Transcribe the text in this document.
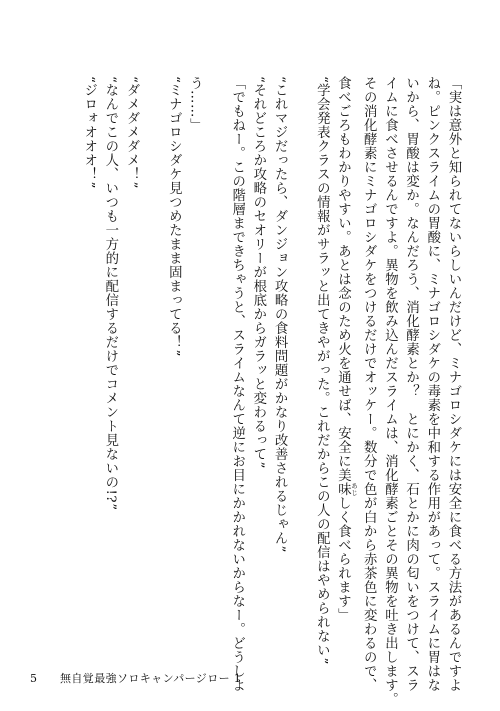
「実は意外と知られてないらしいんだけど、ミナゴロシダケには安全に食べる方法があるんですよ
ね。ピンクスライムの胃酸に、ミナゴロシダケの毒素を中和する作用があって。スライムに胃はな
いから、胃酸は変か。なんだろう、消化酵素とか？　とにかく、石とかに肉の匂いをつけて、スラ
イムに食べさせるんですよ。異物を飲み込んだスライムは、消化酵素ごとその異物を吐き出します。
その消化酵素にミナゴロシダケをつけるだけでオッケー。数分で色が白から赤茶色に変わるので、
食べごろもわかりやすい。あとは念のため火を通せば、安全に美味 あじしく食べられます」
“学会発表クラスの情報がサラッと出てきやがった。これだからこの人の配信はやめられない”
“これマジだったら、ダンジョン攻略の食料問題がかなり改善されるじゃん”
“それどころか攻略のセオリーが根底からガラッと変わるって”
「でもねー。この階層まできちゃうと、スライムなんて逆にお目にかかれないからなー。どうしよ
う……」
“ミナゴロシダケ見つめたまま固まってる！”
“ダメダメダメ！”
“なんでこの人、いつも一方的に配信するだけでコメント見ないの!?”
“ジロォオオオ！”
5 無自覚最強ソロキャンパージロー 1
